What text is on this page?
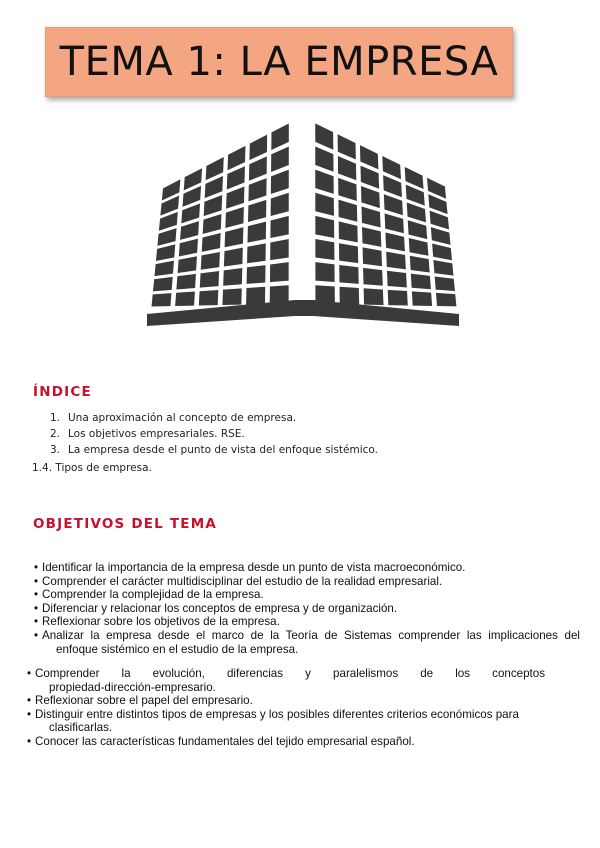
TEMA 1: LA EMPRESA
ÍNDICE
1. Una aproximación al concepto de empresa.
2. Los objetivos empresariales. RSE.
3. La empresa desde el punto de vista del enfoque sistémico.

1.4. Tipos de empresa.

OBJETIVOS DEL TEMA
• Identificar la importancia de la empresa desde un punto de vista macroeconómico.
• Comprender el carácter multidisciplinar del estudio de la realidad empresarial.
• Comprender la complejidad de la empresa.
• Diferenciar y relacionar los conceptos de empresa y de organización.
• Reflexionar sobre los objetivos de la empresa.
• Analizar la empresa desde el marco de la Teoría de Sistemas comprender las implicaciones del
enfoque sistémico en el estudio de la empresa.
• Comprender la evolución, diferencias y paralelismos de los conceptos
propiedad-dirección-empresario.
• Reflexionar sobre el papel del empresario.
• Distinguir entre distintos tipos de empresas y los posibles diferentes criterios económicos para
clasificarlas.
• Conocer las características fundamentales del tejido empresarial español.
